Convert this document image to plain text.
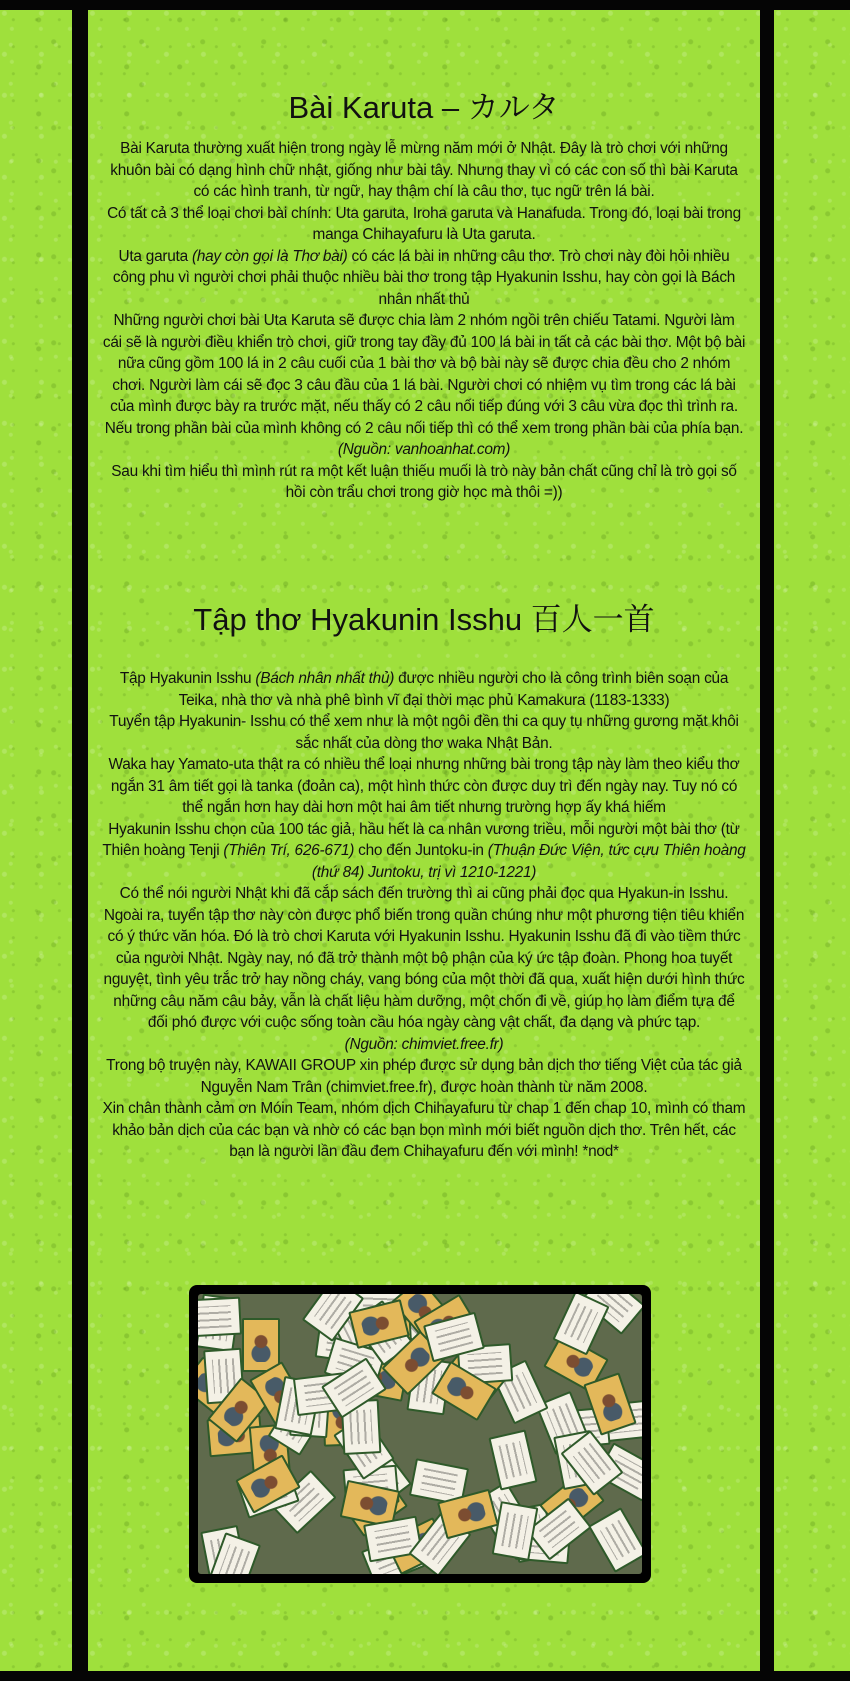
Bài Karuta – カルタ

Bài Karuta thường xuất hiện trong ngày lễ mừng năm mới ở Nhật. Đây là trò chơi với những khuôn bài có dạng hình chữ nhật, giống như bài tây. Nhưng thay vì có các con số thì bài Karuta có các hình tranh, từ ngữ, hay thậm chí là câu thơ, tục ngữ trên lá bài.

Có tất cả 3 thể loại chơi bài chính: Uta garuta, Iroha garuta và Hanafuda. Trong đó, loại bài trong manga Chihayafuru là Uta garuta.

Uta garuta (hay còn gọi là Thơ bài) có các lá bài in những câu thơ. Trò chơi này đòi hỏi nhiều công phu vì người chơi phải thuộc nhiều bài thơ trong tập Hyakunin Isshu, hay còn gọi là Bách nhân nhất thủ

Những người chơi bài Uta Karuta sẽ được chia làm 2 nhóm ngồi trên chiếu Tatami. Người làm cái sẽ là người điều khiển trò chơi, giữ trong tay đầy đủ 100 lá bài in tất cả các bài thơ. Một bộ bài nữa cũng gồm 100 lá in 2 câu cuối của 1 bài thơ và bộ bài này sẽ được chia đều cho 2 nhóm chơi. Người làm cái sẽ đọc 3 câu đầu của 1 lá bài. Người chơi có nhiệm vụ tìm trong các lá bài của mình được bày ra trước mặt, nếu thấy có 2 câu nối tiếp đúng với 3 câu vừa đọc thì trình ra. Nếu trong phần bài của mình không có 2 câu nối tiếp thì có thể xem trong phần bài của phía bạn.

(Nguồn: vanhoanhat.com)

Sau khi tìm hiểu thì mình rút ra một kết luận thiếu muối là trò này bản chất cũng chỉ là trò gọi số hồi còn trẩu chơi trong giờ học mà thôi =))

Tập thơ Hyakunin Isshu 百人一首

Tập Hyakunin Isshu (Bách nhân nhất thủ) được nhiều người cho là công trình biên soạn của Teika, nhà thơ và nhà phê bình vĩ đại thời mạc phủ Kamakura (1183-1333)

Tuyển tập Hyakunin- Isshu có thể xem như là một ngôi đền thi ca quy tụ những gương mặt khôi sắc nhất của dòng thơ waka Nhật Bản.

Waka hay Yamato-uta thật ra có nhiều thể loại nhưng những bài trong tập này làm theo kiểu thơ ngắn 31 âm tiết gọi là tanka (đoản ca), một hình thức còn được duy trì đến ngày nay. Tuy nó có thể ngắn hơn hay dài hơn một hai âm tiết nhưng trường hợp ấy khá hiếm

Hyakunin Isshu chọn của 100 tác giả, hầu hết là ca nhân vương triều, mỗi người một bài thơ (từ Thiên hoàng Tenji (Thiên Trí, 626-671) cho đến Juntoku-in (Thuận Đức Viện, tức cựu Thiên hoàng (thứ 84) Juntoku, trị vì 1210-1221)

Có thể nói người Nhật khi đã cắp sách đến trường thì ai cũng phải đọc qua Hyakun-in Isshu. Ngoài ra, tuyển tập thơ này còn được phổ biến trong quần chúng như một phương tiện tiêu khiển có ý thức văn hóa. Đó là trò chơi Karuta với Hyakunin Isshu. Hyakunin Isshu đã đi vào tiềm thức của người Nhật. Ngày nay, nó đã trở thành một bộ phận của ký ức tập đoàn. Phong hoa tuyết nguyệt, tình yêu trắc trở hay nồng cháy, vang bóng của một thời đã qua, xuất hiện dưới hình thức những câu năm câu bảy, vẫn là chất liệu hàm dưỡng, một chốn đi về, giúp họ làm điểm tựa để đối phó được với cuộc sống toàn cầu hóa ngày càng vật chất, đa dạng và phức tạp.

(Nguồn: chimviet.free.fr)

Trong bộ truyện này, KAWAII GROUP xin phép được sử dụng bản dịch thơ tiếng Việt của tác giả Nguyễn Nam Trân (chimviet.free.fr), được hoàn thành từ năm 2008.

Xin chân thành cảm ơn Móin Team, nhóm dịch Chihayafuru từ chap 1 đến chap 10, mình có tham khảo bản dịch của các bạn và nhờ có các bạn bọn mình mới biết nguồn dịch thơ. Trên hết, các bạn là người lần đầu đem Chihayafuru đến với mình! *nod*
